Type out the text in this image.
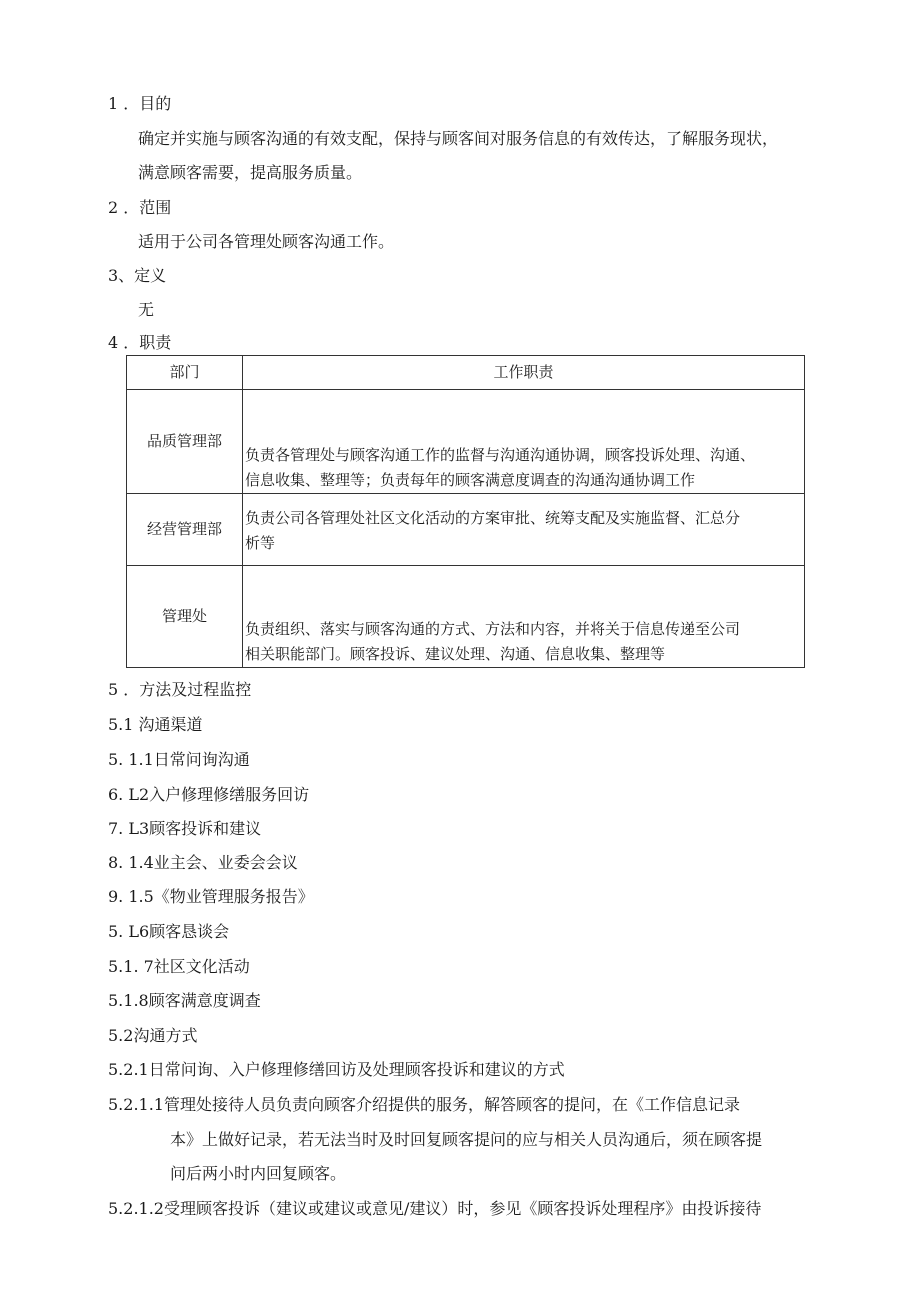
1 ．目的
确定并实施与顾客沟通的有效支配，保持与顾客间对服务信息的有效传达，了解服务现状，
满意顾客需要，提高服务质量。
2 ．范围
适用于公司各管理处顾客沟通工作。
3、定义
无
4 ．职责
部门	工作职责
品质管理部	负责各管理处与顾客沟通工作的监督与沟通沟通协调，顾客投诉处理、沟通、
信息收集、整理等；负责每年的顾客满意度调查的沟通沟通协调工作
经营管理部	负责公司各管理处社区文化活动的方案审批、统筹支配及实施监督、汇总分
析等

管理处	负责组织、落实与顾客沟通的方式、方法和内容，并将关于信息传递至公司
相关职能部门。顾客投诉、建议处理、沟通、信息收集、整理等
5 ．方法及过程监控
5.1 沟通渠道
5. 1.1日常问询沟通
6. L2入户修理修缮服务回访
7. L3顾客投诉和建议
8. 1.4业主会、业委会会议
9. 1.5《物业管理服务报告》
5. L6顾客恳谈会
5.1. 7社区文化活动
5.1.8顾客满意度调查
5.2沟通方式
5.2.1日常问询、入户修理修缮回访及处理顾客投诉和建议的方式
5.2.1.1管理处接待人员负责向顾客介绍提供的服务，解答顾客的提问，在《工作信息记录
本》上做好记录，若无法当时及时回复顾客提问的应与相关人员沟通后，须在顾客提
问后两小时内回复顾客。
5.2.1.2受理顾客投诉（建议或建议或意见/建议）时，参见《顾客投诉处理程序》由投诉接待
